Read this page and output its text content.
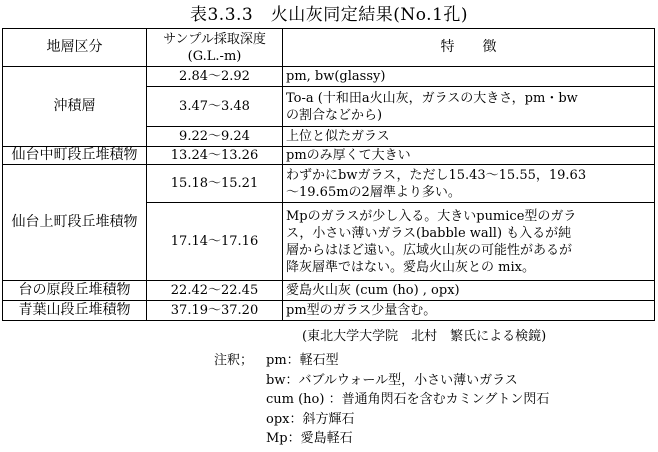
表3.3.3　火山灰同定結果(No.1孔)
地層区分	サンプル採取深度
(G.L.-m)	特　　徴
沖積層	2.84～2.92	pm, bw(glassy)
	3.47～3.48	To-a (十和田a火山灰，ガラスの大きさ，pm・bw
の割合などから)
	9.22～9.24	上位と似たガラス
仙台中町段丘堆積物	13.24～13.26	pmのみ厚くて大きい
仙台上町段丘堆積物	15.18～15.21	わずかにbwガラス，ただし15.43～15.55，19.63
～19.65mの2層準より多い。
	17.14～17.16	Mpのガラスが少し入る。大きいpumice型のガラ
ス，小さい薄いガラス(babble wall) も入るが純
層からはほど遠い。広域火山灰の可能性があるが
降灰層準ではない。愛島火山灰との mix。
台の原段丘堆積物	22.42～22.45	愛島火山灰 (cum (ho) , opx)
青葉山段丘堆積物	37.19～37.20	pm型のガラス少量含む。
(東北大学大学院　北村　繁氏による検鏡)
注釈； pm：軽石型
bw：バブルウォール型，小さい薄いガラス
cum (ho) ：普通角閃石を含むカミングトン閃石
opx：斜方輝石
Mp：愛島軽石
